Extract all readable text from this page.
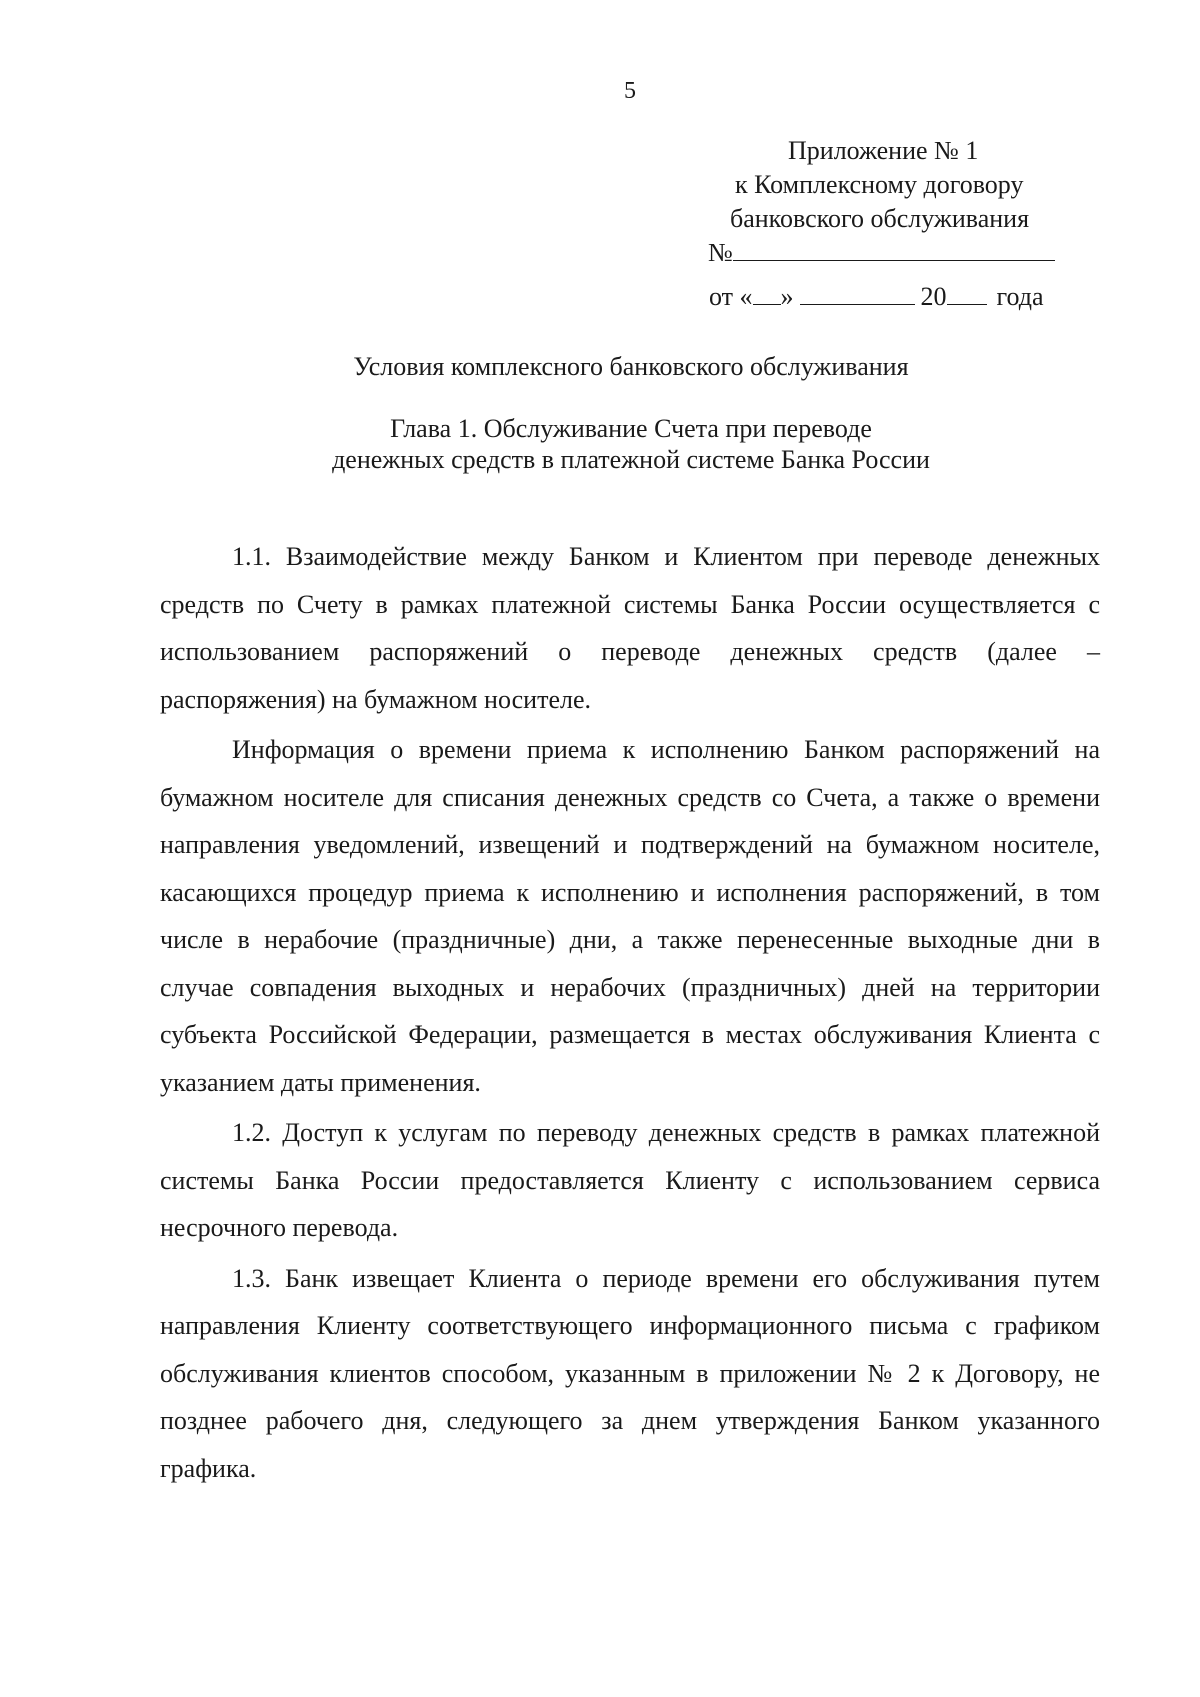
5
Приложение № 1
к Комплексному договору
банковского обслуживания
№
от « »	20 года
Условия комплексного банковского обслуживания
Глава 1. Обслуживание Счета при переводе
денежных средств в платежной системе Банка России

1.1. Взаимодействие между Банком и Клиентом при переводе денежных средств по Счету в рамках платежной системы Банка России осуществляется с использованием распоряжений о переводе денежных средств (далее – распоряжения) на бумажном носителе.

Информация о времени приема к исполнению Банком распоряжений на бумажном носителе для списания денежных средств со Счета, а также о времени направления уведомлений, извещений и подтверждений на бумажном носителе, касающихся процедур приема к исполнению и исполнения распоряжений, в том числе в нерабочие (праздничные) дни, а также перенесенные выходные дни в случае совпадения выходных и нерабочих (праздничных) дней на территории субъекта Российской Федерации, размещается в местах обслуживания Клиента с указанием даты применения.

1.2. Доступ к услугам по переводу денежных средств в рамках платежной системы Банка России предоставляется Клиенту с использованием сервиса несрочного перевода.

1.3. Банк извещает Клиента о периоде времени его обслуживания путем направления Клиенту соответствующего информационного письма с графиком обслуживания клиентов способом, указанным в приложении № 2 к Договору, не позднее рабочего дня, следующего за днем утверждения Банком указанного графика.
